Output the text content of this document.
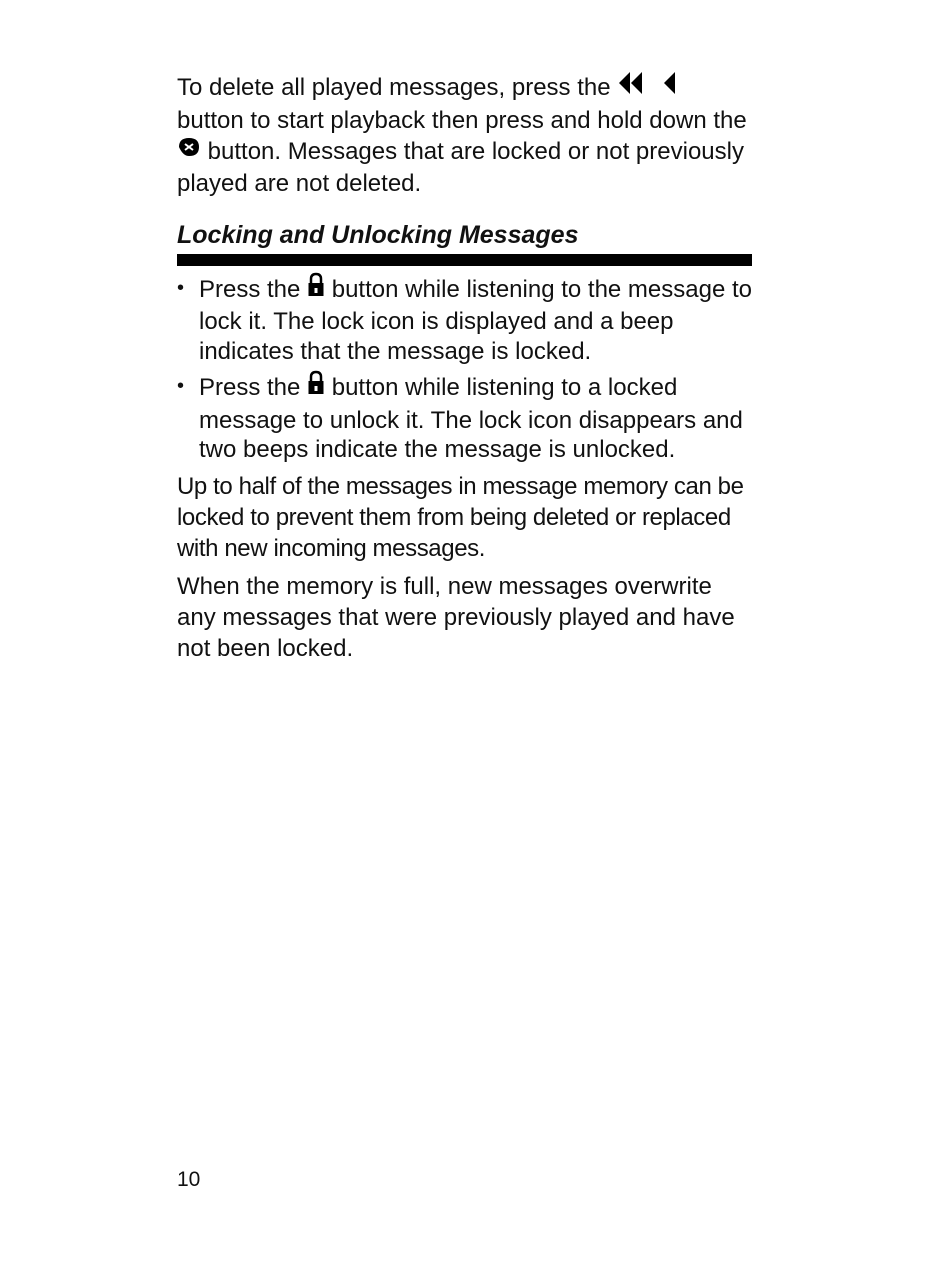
To delete all played messages, press the
button to start playback then press and hold down the  button. Messages that are locked or not previously played are not deleted.

Locking and Unlocking Messages
• Press the button while listening to the message to lock it. The lock icon is displayed and a beep indicates that the message is locked.
• Press the button while listening to a locked message to unlock it. The lock icon disappears and two beeps indicate the message is unlocked.

Up to half of the messages in message memory can be locked to prevent them from being deleted or replaced with new incoming messages.

When the memory is full, new messages overwrite any messages that were previously played and have not been locked.

10
